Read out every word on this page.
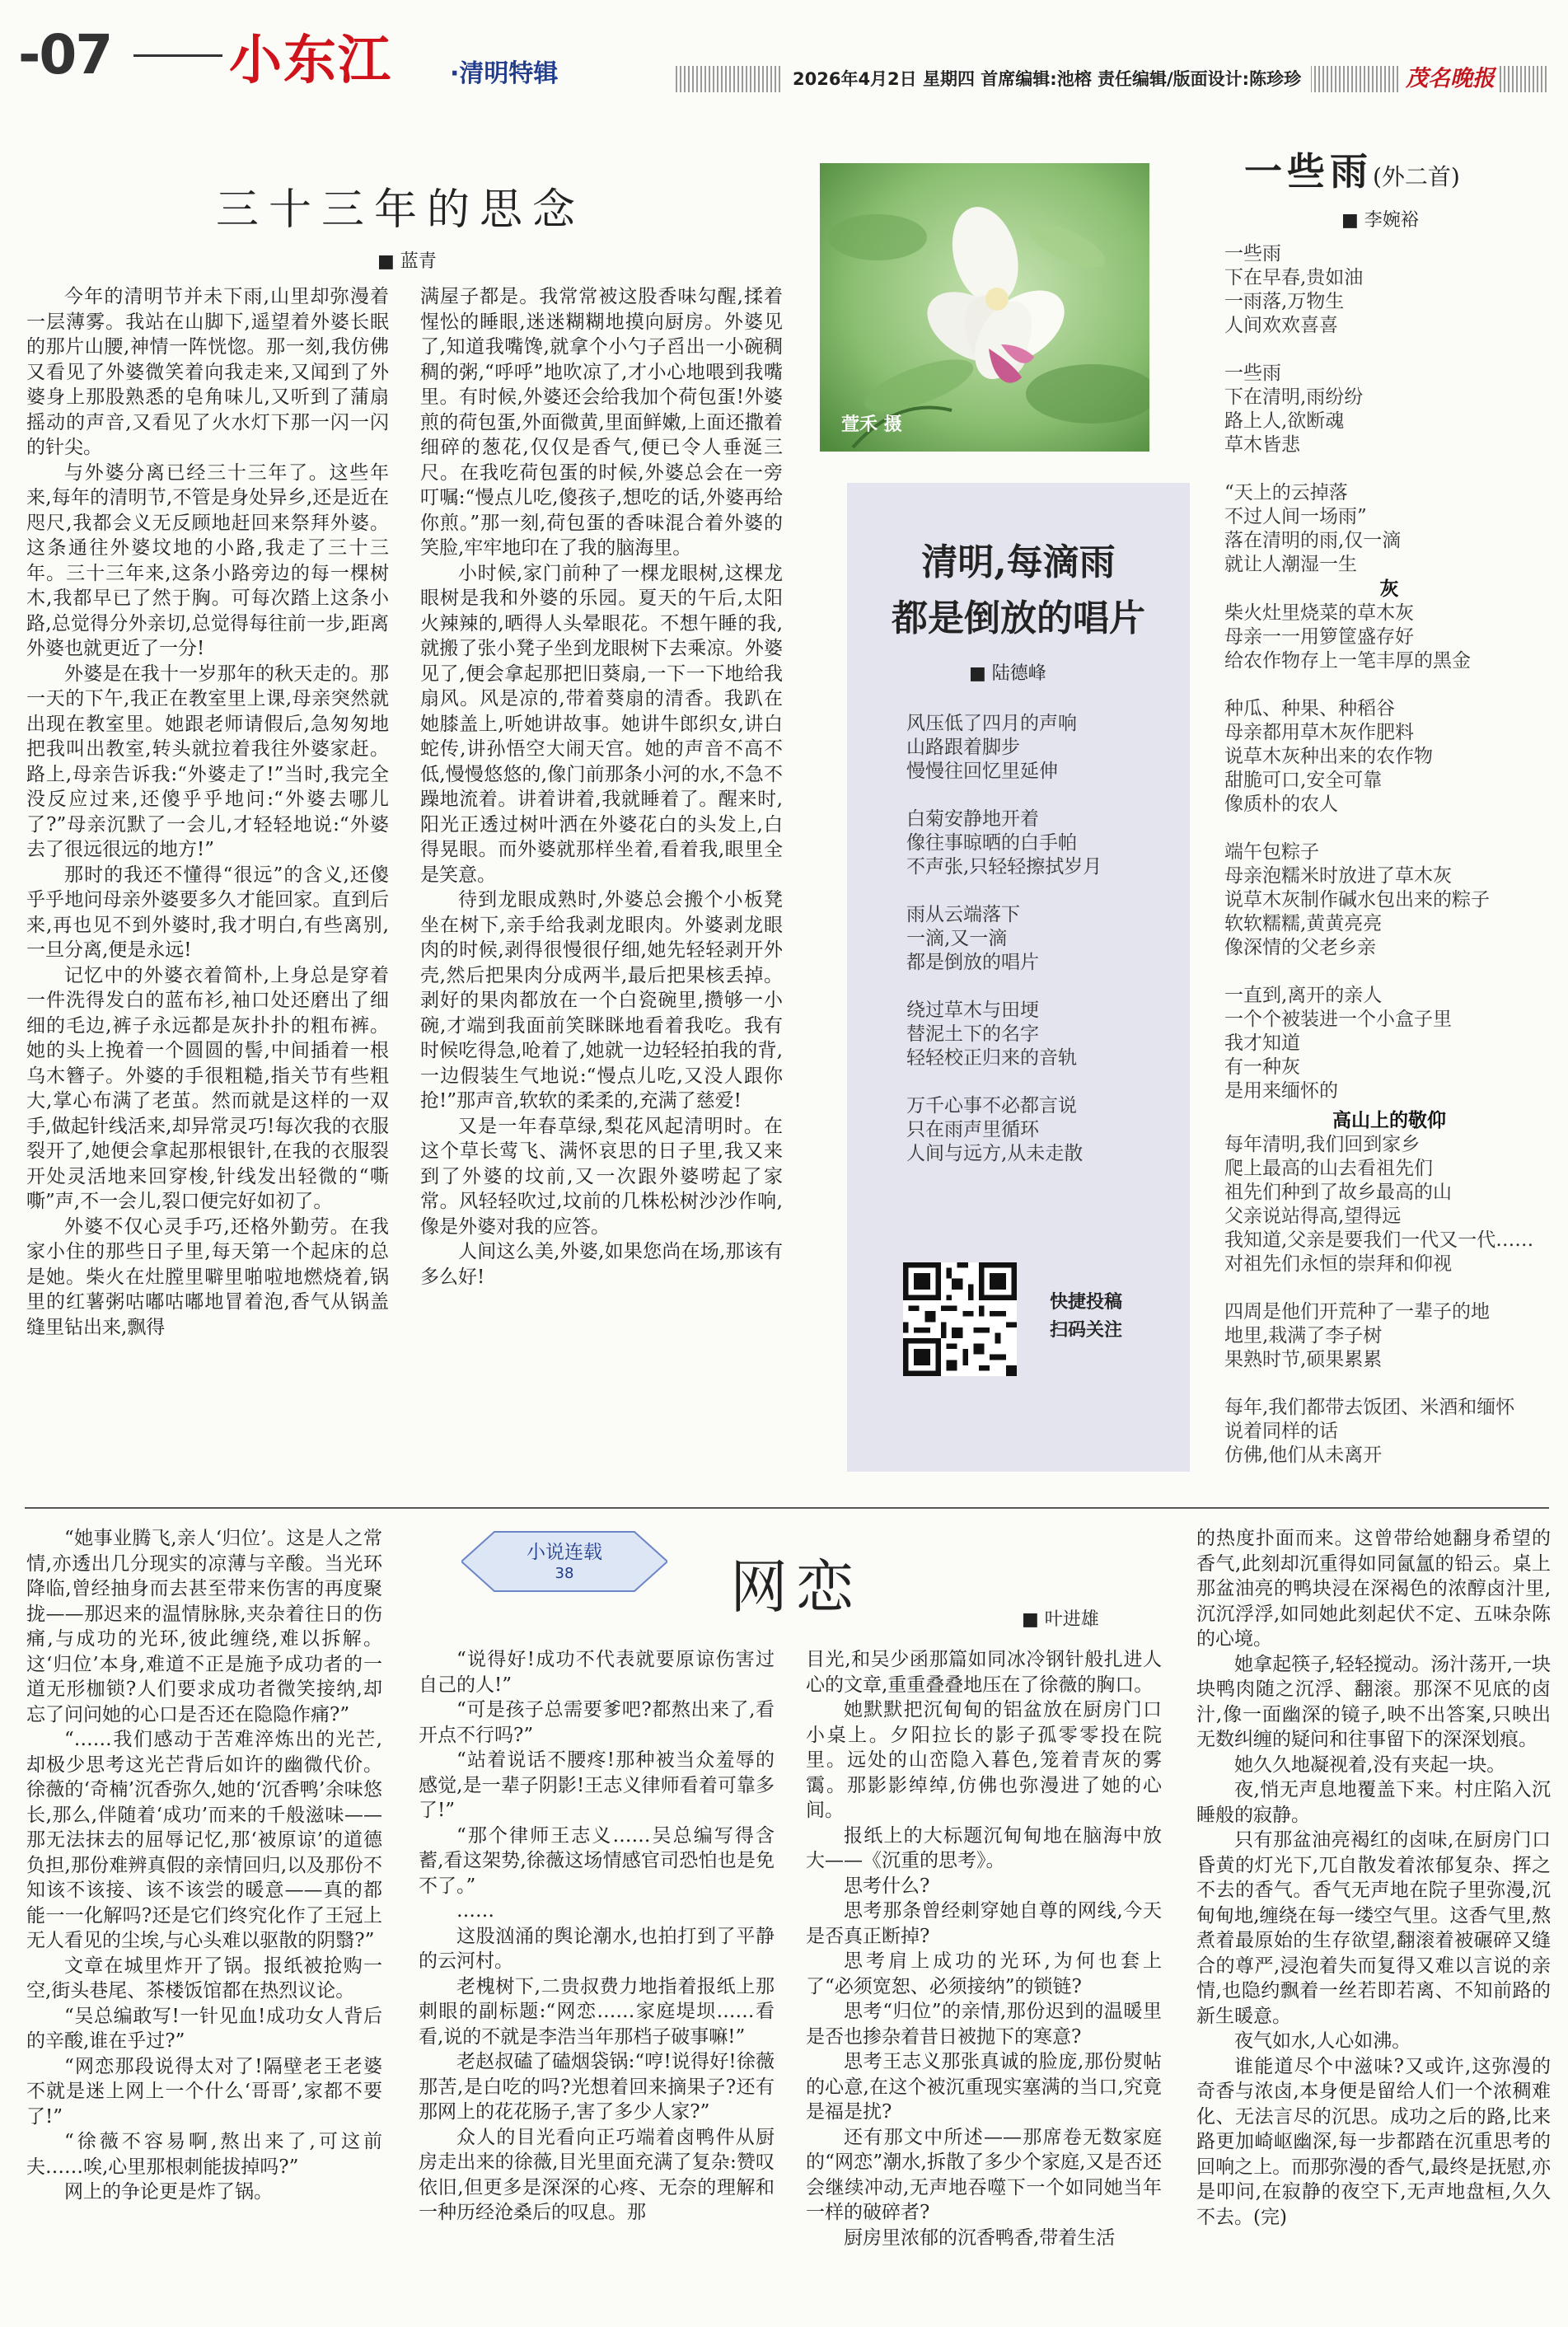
-07 小东江 ·清明特辑	2026年4月2日 星期四 首席编辑:池榕 责任编辑/版面设计:陈珍珍	茂名晚报
三十三年的思念
■ 蓝青

今年的清明节并未下雨,山里却弥漫着一层薄雾。我站在山脚下,遥望着外婆长眠的那片山腰,神情一阵恍惚。那一刻,我仿佛又看见了外婆微笑着向我走来,又闻到了外婆身上那股熟悉的皂角味儿,又听到了蒲扇摇动的声音,又看见了火水灯下那一闪一闪的针尖。

与外婆分离已经三十三年了。这些年来,每年的清明节,不管是身处异乡,还是近在咫尺,我都会义无反顾地赶回来祭拜外婆。这条通往外婆坟地的小路,我走了三十三年。三十三年来,这条小路旁边的每一棵树木,我都早已了然于胸。可每次踏上这条小路,总觉得分外亲切,总觉得每往前一步,距离外婆也就更近了一分!

外婆是在我十一岁那年的秋天走的。那一天的下午,我正在教室里上课,母亲突然就出现在教室里。她跟老师请假后,急匆匆地把我叫出教室,转头就拉着我往外婆家赶。路上,母亲告诉我:“外婆走了!”当时,我完全没反应过来,还傻乎乎地问:“外婆去哪儿了?”母亲沉默了一会儿,才轻轻地说:“外婆去了很远很远的地方!”

那时的我还不懂得“很远”的含义,还傻乎乎地问母亲外婆要多久才能回家。直到后来,再也见不到外婆时,我才明白,有些离别,一旦分离,便是永远!

记忆中的外婆衣着简朴,上身总是穿着一件洗得发白的蓝布衫,袖口处还磨出了细细的毛边,裤子永远都是灰扑扑的粗布裤。她的头上挽着一个圆圆的髻,中间插着一根乌木簪子。外婆的手很粗糙,指关节有些粗大,掌心布满了老茧。然而就是这样的一双手,做起针线活来,却异常灵巧!每次我的衣服裂开了,她便会拿起那根银针,在我的衣服裂开处灵活地来回穿梭,针线发出轻微的“嘶嘶”声,不一会儿,裂口便完好如初了。

外婆不仅心灵手巧,还格外勤劳。在我家小住的那些日子里,每天第一个起床的总是她。柴火在灶膛里噼里啪啦地燃烧着,锅里的红薯粥咕嘟咕嘟地冒着泡,香气从锅盖缝里钻出来,飘得

满屋子都是。我常常被这股香味勾醒,揉着惺忪的睡眼,迷迷糊糊地摸向厨房。外婆见了,知道我嘴馋,就拿个小勺子舀出一小碗稠稠的粥,“呼呼”地吹凉了,才小心地喂到我嘴里。有时候,外婆还会给我加个荷包蛋!外婆煎的荷包蛋,外面微黄,里面鲜嫩,上面还撒着细碎的葱花,仅仅是香气,便已令人垂涎三尺。在我吃荷包蛋的时候,外婆总会在一旁叮嘱:“慢点儿吃,傻孩子,想吃的话,外婆再给你煎。”那一刻,荷包蛋的香味混合着外婆的笑脸,牢牢地印在了我的脑海里。

小时候,家门前种了一棵龙眼树,这棵龙眼树是我和外婆的乐园。夏天的午后,太阳火辣辣的,晒得人头晕眼花。不想午睡的我,就搬了张小凳子坐到龙眼树下去乘凉。外婆见了,便会拿起那把旧葵扇,一下一下地给我扇风。风是凉的,带着葵扇的清香。我趴在她膝盖上,听她讲故事。她讲牛郎织女,讲白蛇传,讲孙悟空大闹天宫。她的声音不高不低,慢慢悠悠的,像门前那条小河的水,不急不躁地流着。讲着讲着,我就睡着了。醒来时,阳光正透过树叶洒在外婆花白的头发上,白得晃眼。而外婆就那样坐着,看着我,眼里全是笑意。

待到龙眼成熟时,外婆总会搬个小板凳坐在树下,亲手给我剥龙眼肉。外婆剥龙眼肉的时候,剥得很慢很仔细,她先轻轻剥开外壳,然后把果肉分成两半,最后把果核丢掉。剥好的果肉都放在一个白瓷碗里,攒够一小碗,才端到我面前笑眯眯地看着我吃。我有时候吃得急,呛着了,她就一边轻轻拍我的背,一边假装生气地说:“慢点儿吃,又没人跟你抢!”那声音,软软的柔柔的,充满了慈爱!

又是一年春草绿,梨花风起清明时。在这个草长莺飞、满怀哀思的日子里,我又来到了外婆的坟前,又一次跟外婆唠起了家常。风轻轻吹过,坟前的几株松树沙沙作响,像是外婆对我的应答。

人间这么美,外婆,如果您尚在场,那该有多么好!

萱禾 摄
清明,每滴雨
都是倒放的唱片
■ 陆德峰

风压低了四月的声响
山路跟着脚步
慢慢往回忆里延伸

白菊安静地开着
像往事晾晒的白手帕
不声张,只轻轻擦拭岁月

雨从云端落下
一滴,又一滴
都是倒放的唱片

绕过草木与田埂
替泥土下的名字
轻轻校正归来的音轨

万千心事不必都言说
只在雨声里循环
人间与远方,从未走散

快捷投稿
扫码关注
一些雨(外二首)
■ 李婉裕

一些雨
下在早春,贵如油
一雨落,万物生
人间欢欢喜喜

一些雨
下在清明,雨纷纷
路上人,欲断魂
草木皆悲

“天上的云掉落
不过人间一场雨”
落在清明的雨,仅一滴
就让人潮湿一生

灰

柴火灶里烧菜的草木灰
母亲一一用箩筐盛存好
给农作物存上一笔丰厚的黑金

种瓜、种果、种稻谷
母亲都用草木灰作肥料
说草木灰种出来的农作物
甜脆可口,安全可靠
像质朴的农人

端午包粽子
母亲泡糯米时放进了草木灰
说草木灰制作碱水包出来的粽子
软软糯糯,黄黄亮亮
像深情的父老乡亲

一直到,离开的亲人
一个个被装进一个小盒子里
我才知道
有一种灰
是用来缅怀的

高山上的敬仰

每年清明,我们回到家乡
爬上最高的山去看祖先们
祖先们种到了故乡最高的山
父亲说站得高,望得远
我知道,父亲是要我们一代又一代……
对祖先们永恒的崇拜和仰视

四周是他们开荒种了一辈子的地
地里,栽满了李子树
果熟时节,硕果累累

每年,我们都带去饭团、米酒和缅怀
说着同样的话
仿佛,他们从未离开

小说连载
38	网恋	■ 叶进雄

“她事业腾飞,亲人‘归位’。这是人之常情,亦透出几分现实的凉薄与辛酸。当光环降临,曾经抽身而去甚至带来伤害的再度聚拢——那迟来的温情脉脉,夹杂着往日的伤痛,与成功的光环,彼此缠绕,难以拆解。这‘归位’本身,难道不正是施予成功者的一道无形枷锁?人们要求成功者微笑接纳,却忘了问问她的心口是否还在隐隐作痛?”

“……我们感动于苦难淬炼出的光芒,却极少思考这光芒背后如许的幽微代价。徐薇的‘奇楠’沉香弥久,她的‘沉香鸭’余味悠长,那么,伴随着‘成功’而来的千般滋味——那无法抹去的屈辱记忆,那‘被原谅’的道德负担,那份难辨真假的亲情回归,以及那份不知该不该接、该不该尝的暖意——真的都能一一化解吗?还是它们终究化作了王冠上无人看见的尘埃,与心头难以驱散的阴翳?”

文章在城里炸开了锅。报纸被抢购一空,街头巷尾、茶楼饭馆都在热烈议论。

“吴总编敢写!一针见血!成功女人背后的辛酸,谁在乎过?”

“网恋那段说得太对了!隔壁老王老婆不就是迷上网上一个什么‘哥哥’,家都不要了!”

“徐薇不容易啊,熬出来了,可这前夫……唉,心里那根刺能拔掉吗?”

网上的争论更是炸了锅。

“说得好!成功不代表就要原谅伤害过自己的人!”

“可是孩子总需要爹吧?都熬出来了,看开点不行吗?”

“站着说话不腰疼!那种被当众羞辱的感觉,是一辈子阴影!王志义律师看着可靠多了!”

“那个律师王志义……吴总编写得含蓄,看这架势,徐薇这场情感官司恐怕也是免不了。”

……

这股汹涌的舆论潮水,也拍打到了平静的云河村。

老槐树下,二贵叔费力地指着报纸上那刺眼的副标题:“网恋……家庭堤坝……看看,说的不就是李浩当年那档子破事嘛!”

老赵叔磕了磕烟袋锅:“哼!说得好!徐薇那苦,是白吃的吗?光想着回来摘果子?还有那网上的花花肠子,害了多少人家?”

众人的目光看向正巧端着卤鸭件从厨房走出来的徐薇,目光里面充满了复杂:赞叹依旧,但更多是深深的心疼、无奈的理解和一种历经沧桑后的叹息。那

目光,和吴少函那篇如同冰冷钢针般扎进人心的文章,重重叠叠地压在了徐薇的胸口。

她默默把沉甸甸的铝盆放在厨房门口小桌上。夕阳拉长的影子孤零零投在院里。远处的山峦隐入暮色,笼着青灰的雾霭。那影影绰绰,仿佛也弥漫进了她的心间。

报纸上的大标题沉甸甸地在脑海中放大——《沉重的思考》。

思考什么?

思考那条曾经刺穿她自尊的网线,今天是否真正断掉?

思考肩上成功的光环,为何也套上了“必须宽恕、必须接纳”的锁链?

思考“归位”的亲情,那份迟到的温暖里是否也掺杂着昔日被抛下的寒意?

思考王志义那张真诚的脸庞,那份熨帖的心意,在这个被沉重现实塞满的当口,究竟是福是扰?

还有那文中所述——那席卷无数家庭的“网恋”潮水,拆散了多少个家庭,又是否还会继续冲动,无声地吞噬下一个如同她当年一样的破碎者?

厨房里浓郁的沉香鸭香,带着生活

的热度扑面而来。这曾带给她翻身希望的香气,此刻却沉重得如同氤氲的铅云。桌上那盆油亮的鸭块浸在深褐色的浓醇卤汁里,沉沉浮浮,如同她此刻起伏不定、五味杂陈的心境。

她拿起筷子,轻轻搅动。汤汁荡开,一块块鸭肉随之沉浮、翻滚。那深不见底的卤汁,像一面幽深的镜子,映不出答案,只映出无数纠缠的疑问和往事留下的深深划痕。

她久久地凝视着,没有夹起一块。

夜,悄无声息地覆盖下来。村庄陷入沉睡般的寂静。

只有那盆油亮褐红的卤味,在厨房门口昏黄的灯光下,兀自散发着浓郁复杂、挥之不去的香气。香气无声地在院子里弥漫,沉甸甸地,缠绕在每一缕空气里。这香气里,熬煮着最原始的生存欲望,翻滚着被碾碎又缝合的尊严,浸泡着失而复得又难以言说的亲情,也隐约飘着一丝若即若离、不知前路的新生暖意。

夜气如水,人心如沸。

谁能道尽个中滋味?又或许,这弥漫的奇香与浓卤,本身便是留给人们一个浓稠难化、无法言尽的沉思。成功之后的路,比来路更加崎岖幽深,每一步都踏在沉重思考的回响之上。而那弥漫的香气,最终是抚慰,亦是叩问,在寂静的夜空下,无声地盘桓,久久不去。(完)
